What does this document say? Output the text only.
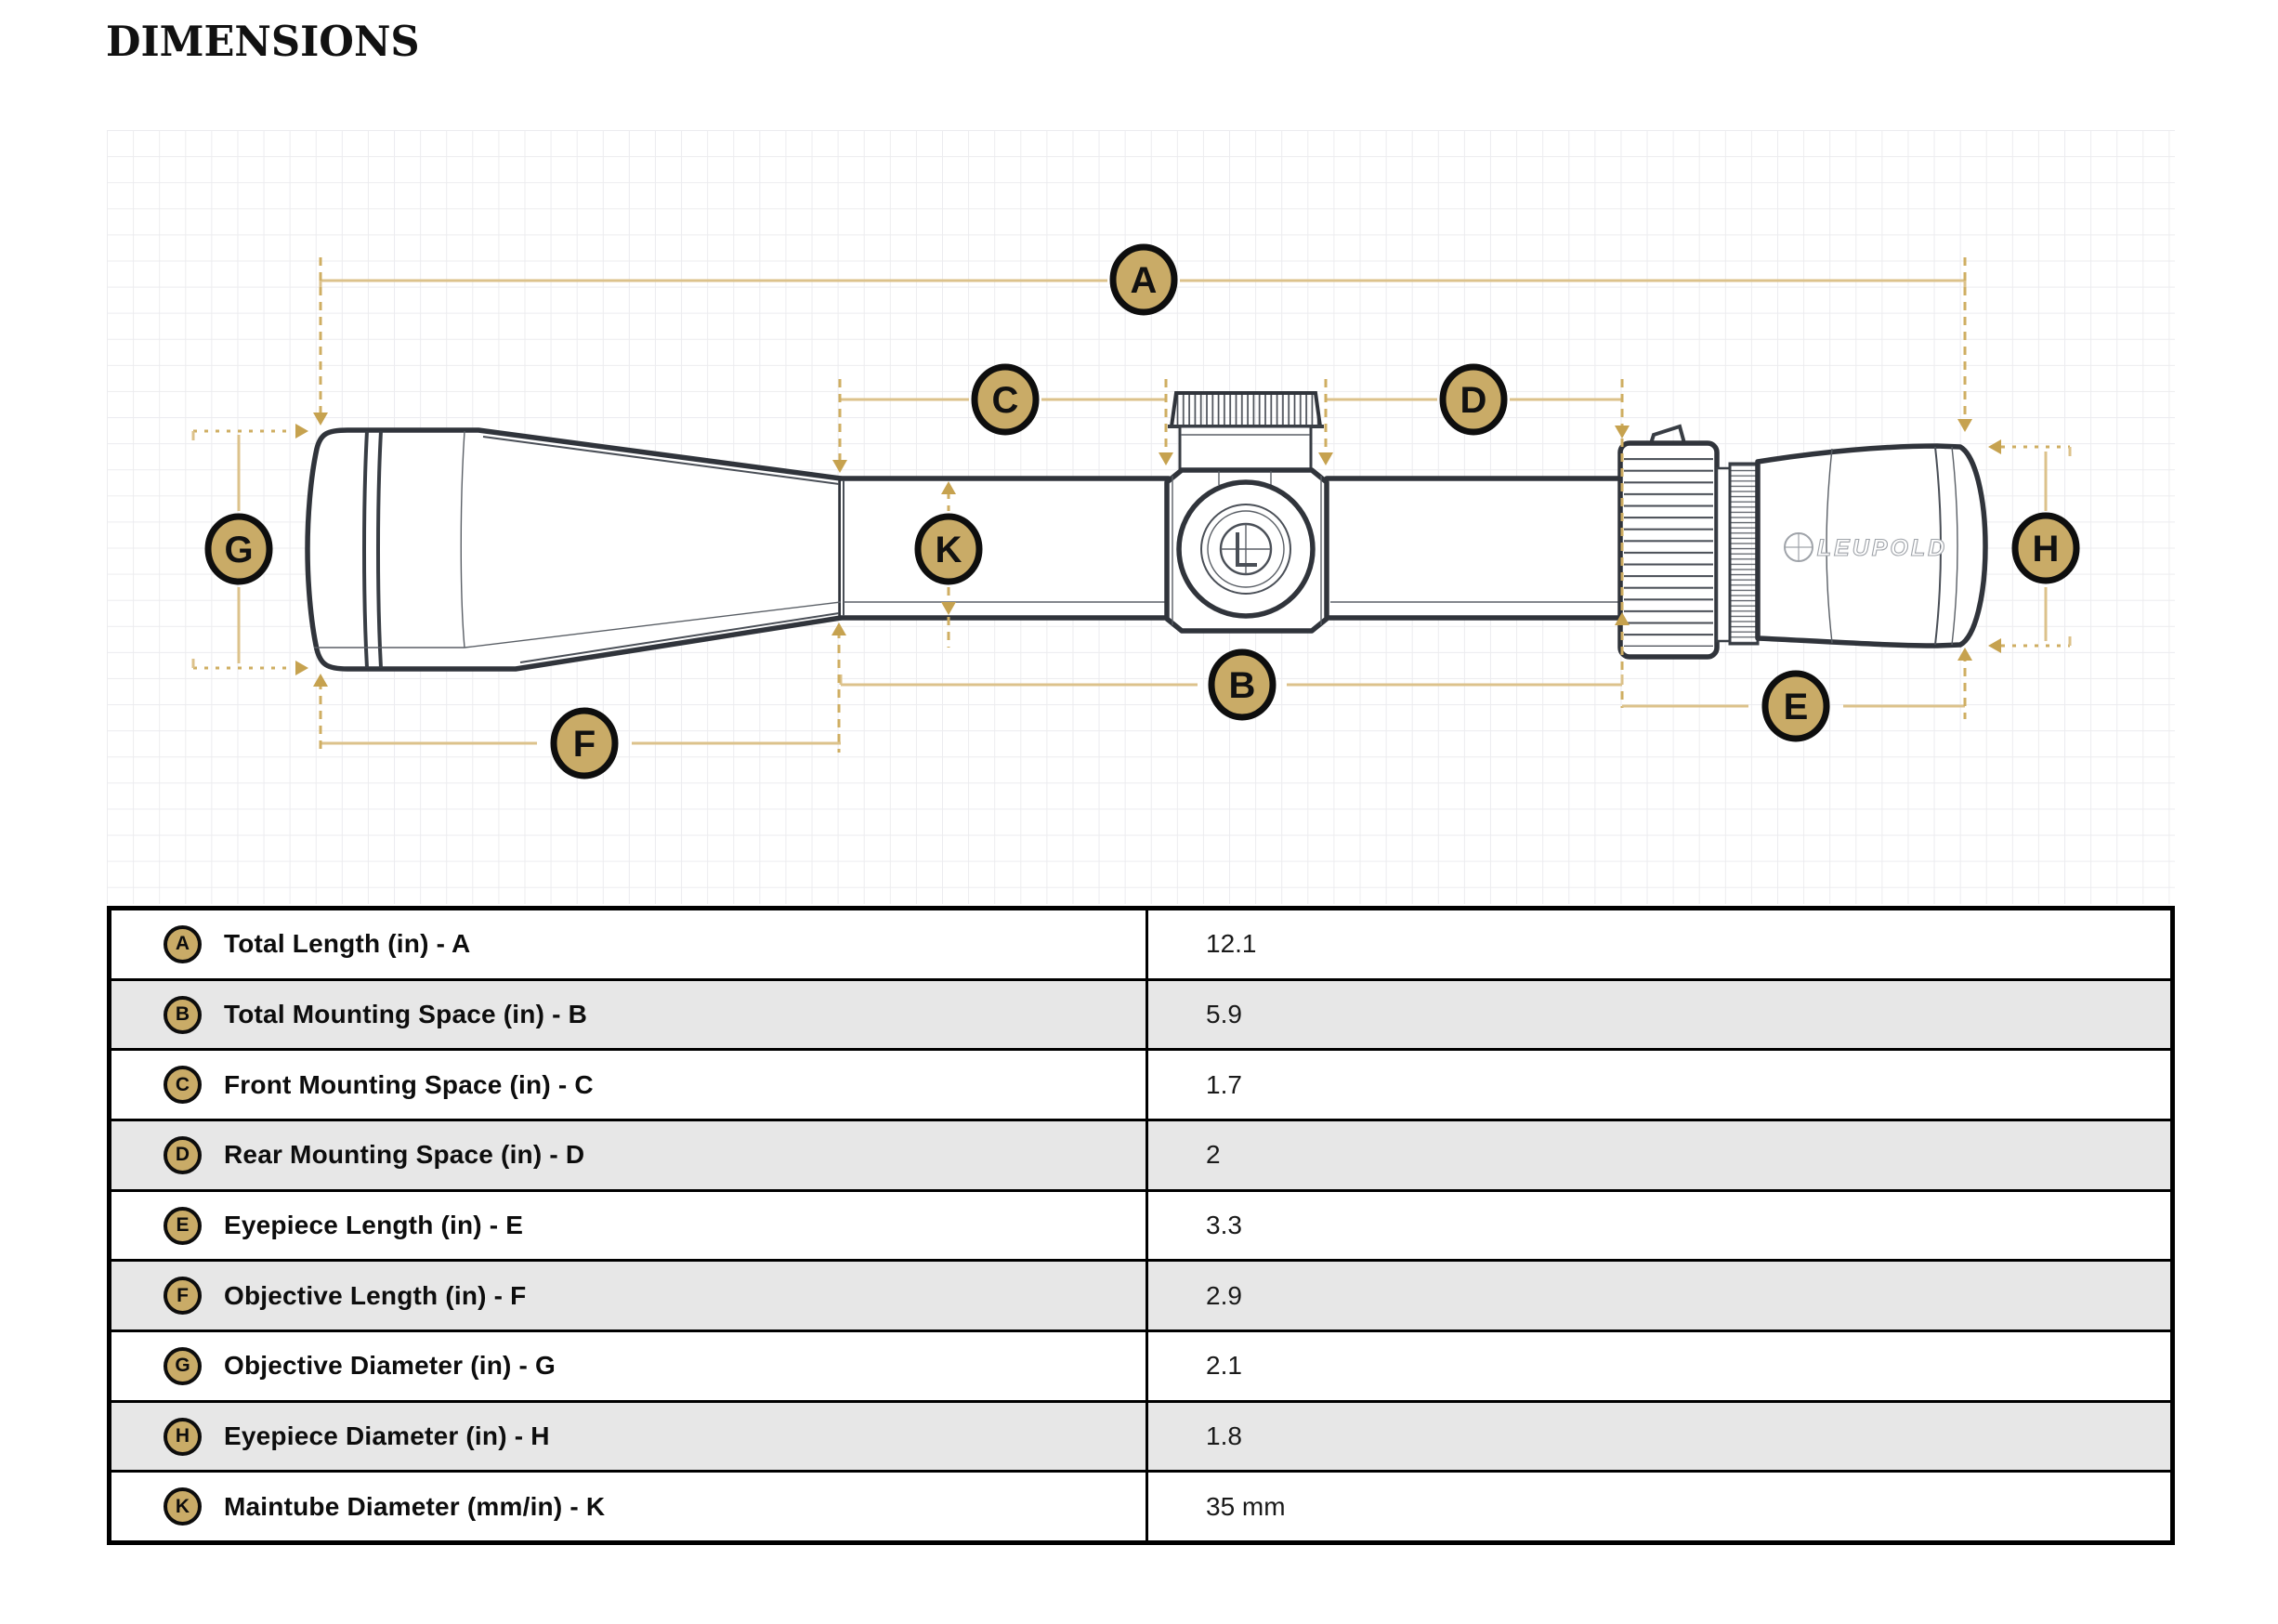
DIMENSIONS
LEUPOLD
A
C	D
G	K	H
B
E
F
A	Total Length (in) - A	12.1
B	Total Mounting Space (in) - B	5.9
C	Front Mounting Space (in) - C	1.7
D	Rear Mounting Space (in) - D	2
E	Eyepiece Length (in) - E	3.3
F	Objective Length (in) - F	2.9
G	Objective Diameter (in) - G	2.1
H	Eyepiece Diameter (in) - H	1.8
K	Maintube Diameter (mm/in) - K	35 mm
